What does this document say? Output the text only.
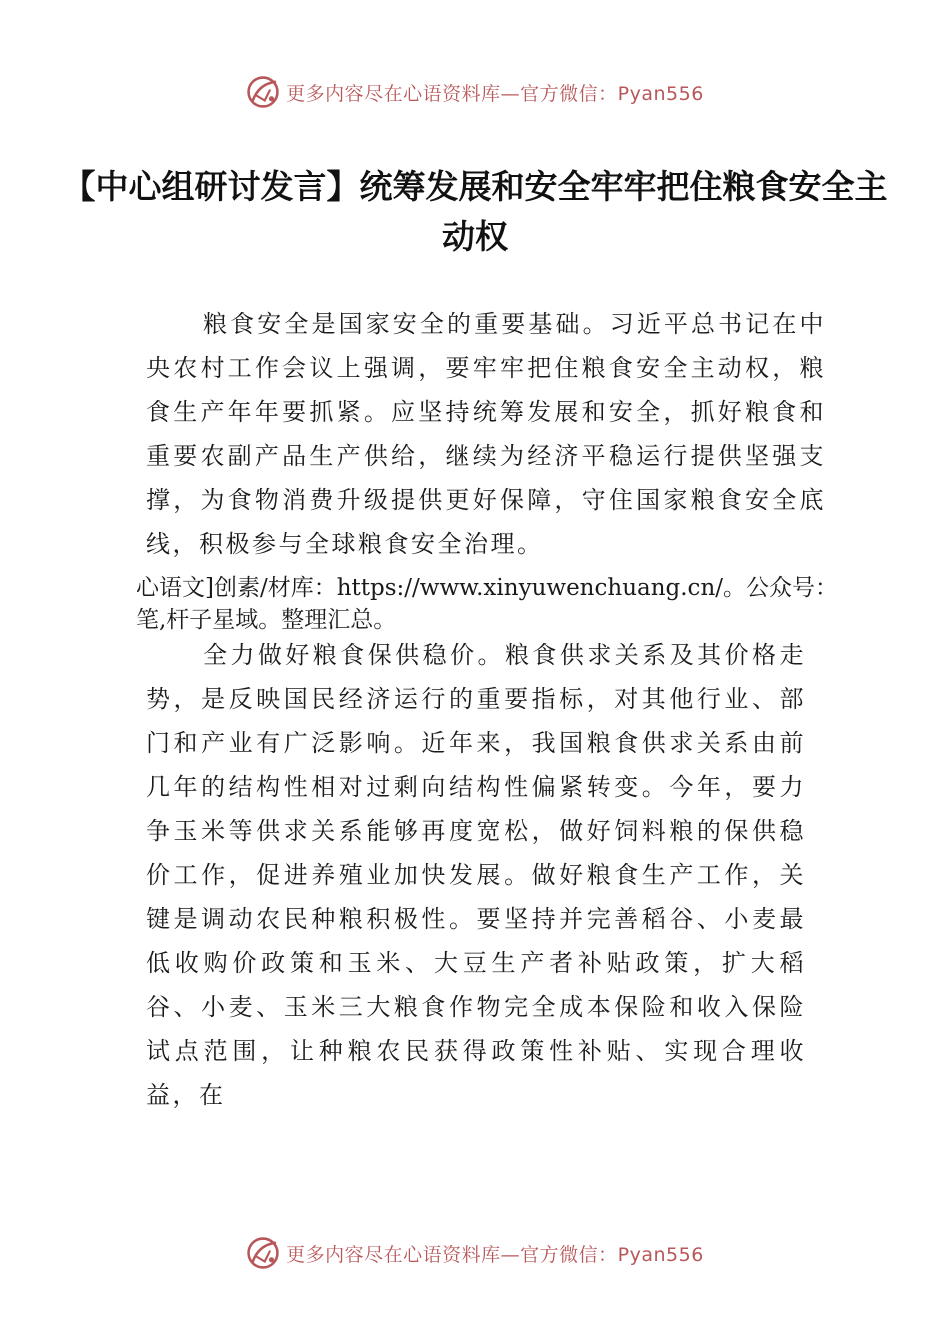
更多内容尽在心语资料库—官方微信：Pyan556
【中心组研讨发言】统筹发展和安全牢牢把住粮食安全主动权
粮食安全是国家安全的重要基础。习近平总书记在中央农村工作会议上强调，要牢牢把住粮食安全主动权，粮食生产年年要抓紧。应坚持统筹发展和安全，抓好粮食和重要农副产品生产供给，继续为经济平稳运行提供坚强支撑，为食物消费升级提供更好保障，守住国家粮食安全底线，积极参与全球粮食安全治理。
心语文]创素/材库：https://www.xinyuwenchuang.cn/。公众号：笔,杆子星域。整理汇总。
全力做好粮食保供稳价。粮食供求关系及其价格走势，是反映国民经济运行的重要指标，对其他行业、部门和产业有广泛影响。近年来，我国粮食供求关系由前几年的结构性相对过剩向结构性偏紧转变。今年，要力争玉米等供求关系能够再度宽松，做好饲料粮的保供稳价工作，促进养殖业加快发展。做好粮食生产工作，关键是调动农民种粮积极性。要坚持并完善稻谷、小麦最低收购价政策和玉米、大豆生产者补贴政策，扩大稻谷、小麦、玉米三大粮食作物完全成本保险和收入保险试点范围，让种粮农民获得政策性补贴、实现合理收益，在
更多内容尽在心语资料库—官方微信：Pyan556
